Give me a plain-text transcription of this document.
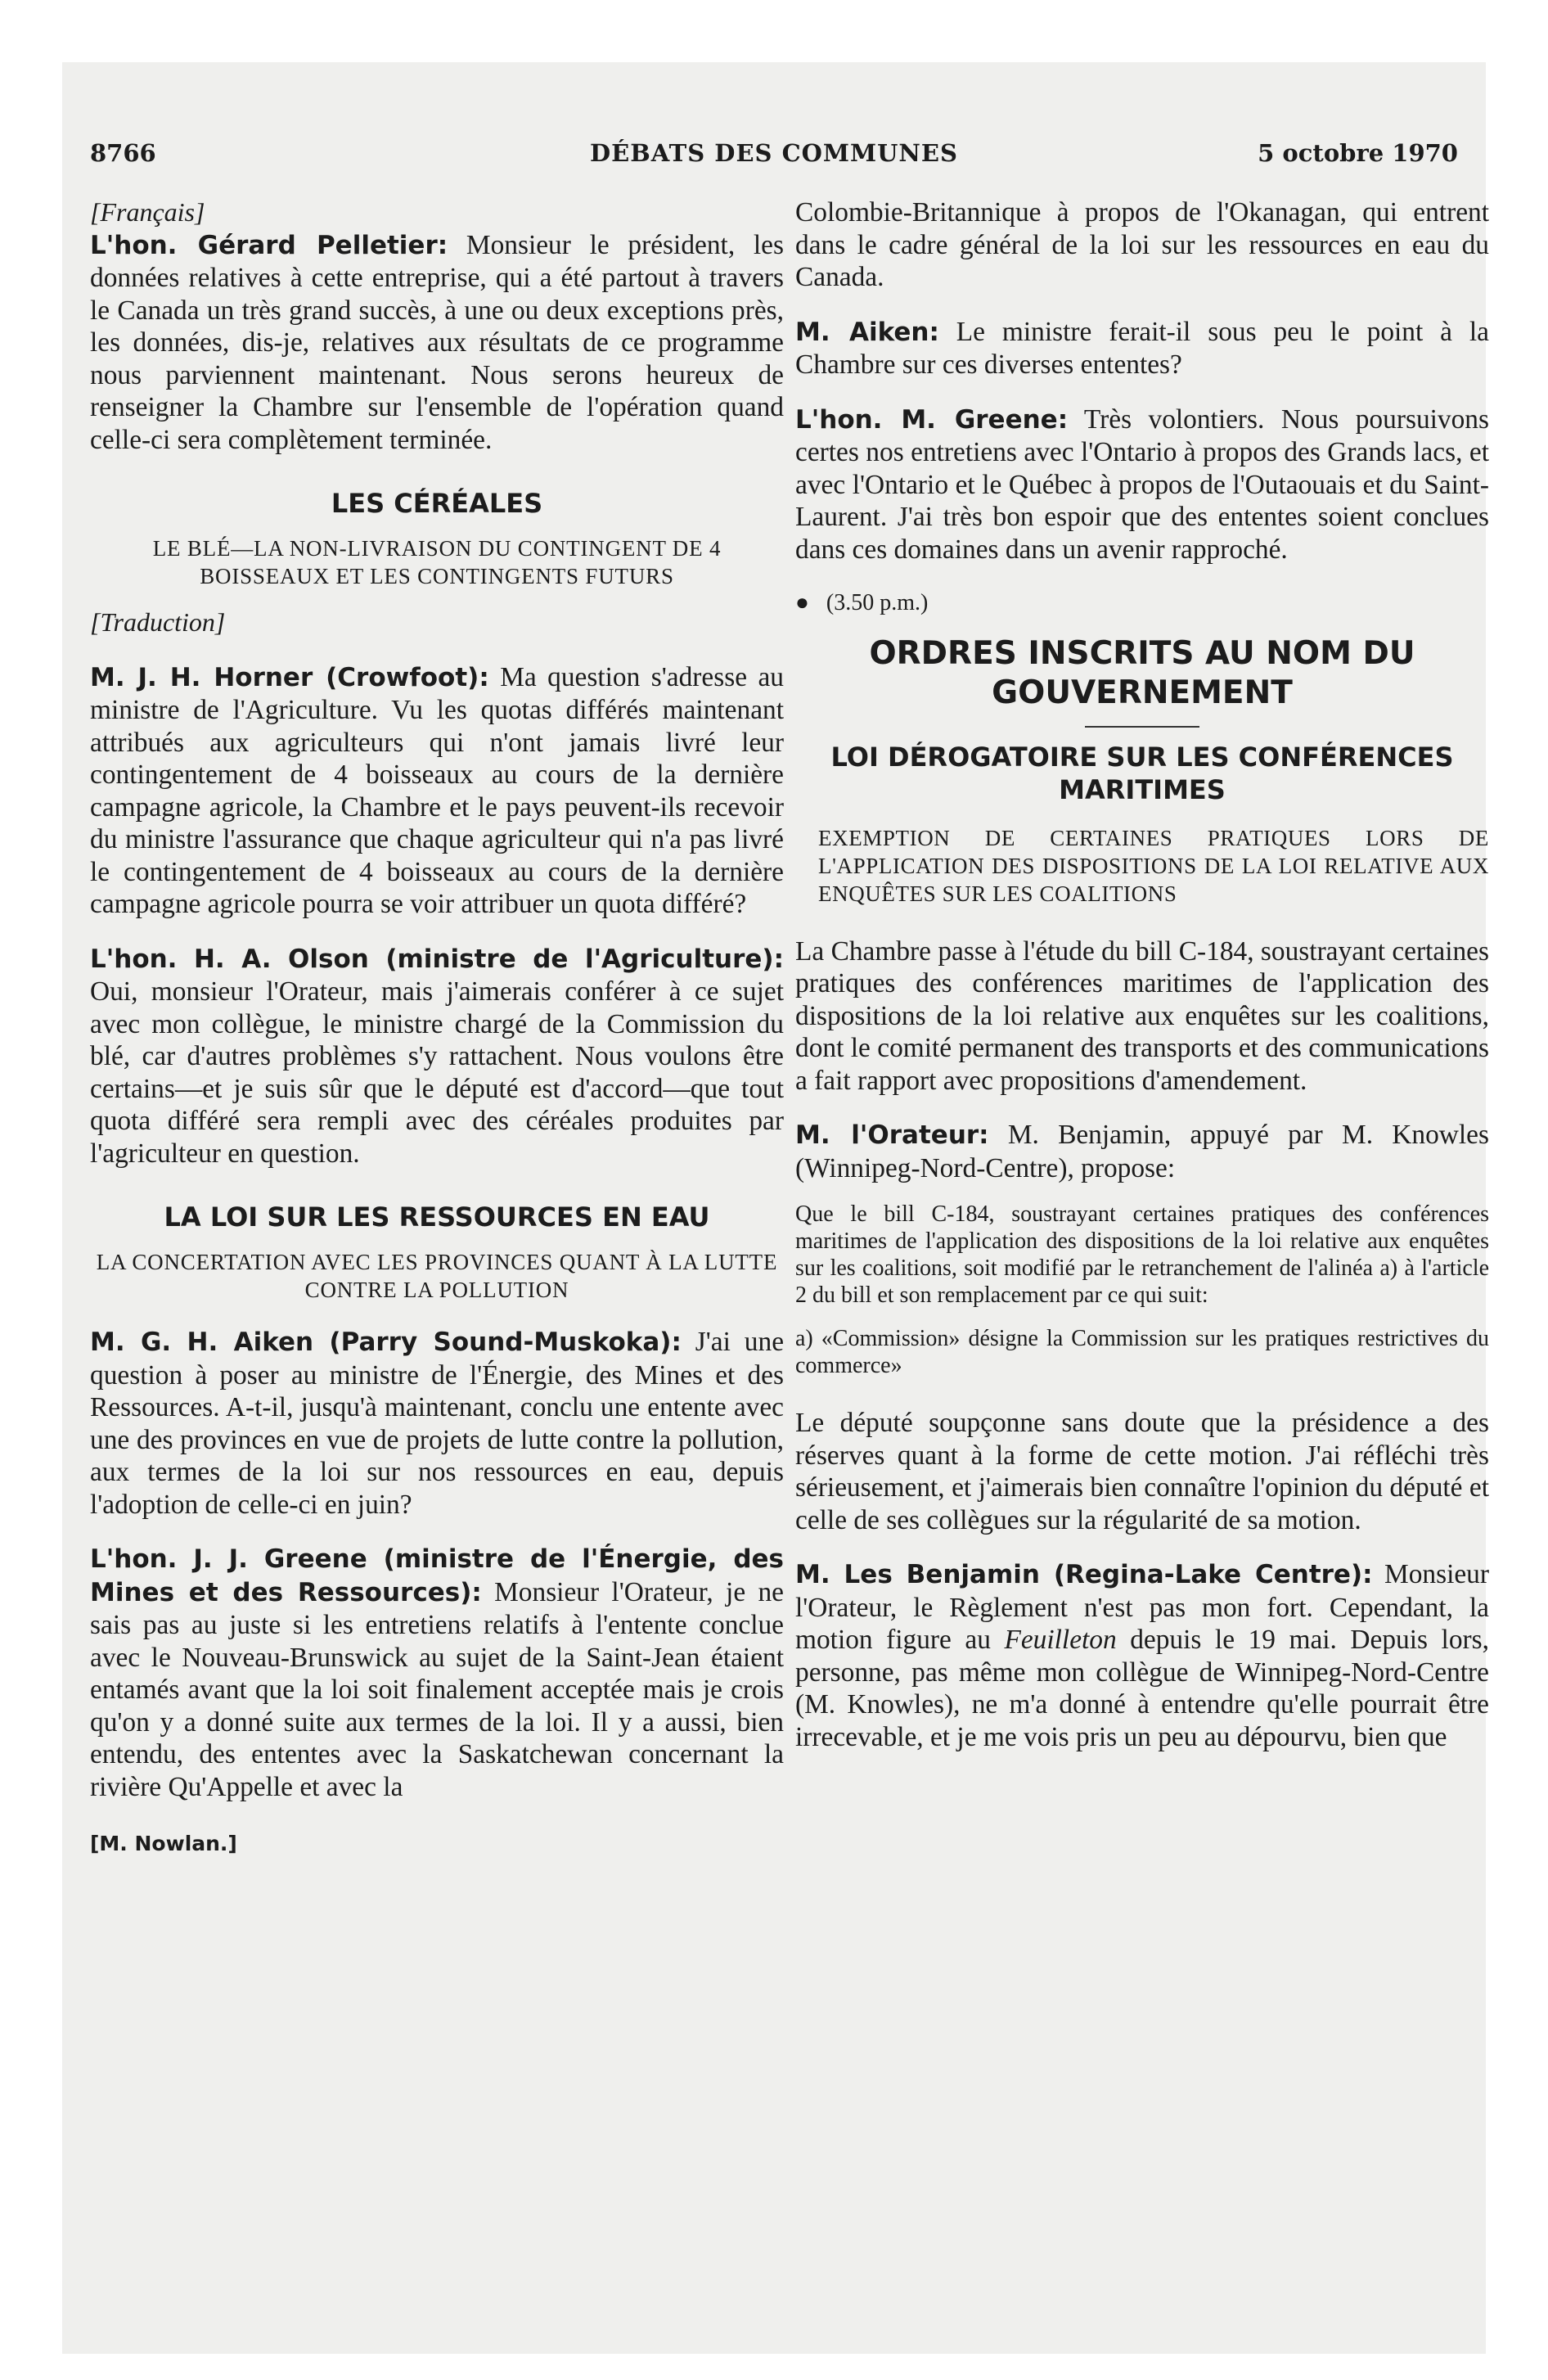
8766	DÉBATS DES COMMUNES	5 octobre 1970

[Français]

L'hon. Gérard Pelletier: Monsieur le président, les données relatives à cette entreprise, qui a été partout à travers le Canada un très grand succès, à une ou deux exceptions près, les données, dis-je, relatives aux résultats de ce programme nous parviennent maintenant. Nous serons heureux de renseigner la Chambre sur l'ensemble de l'opération quand celle-ci sera complètement terminée.

LES CÉRÉALES
LE BLÉ—LA NON-LIVRAISON DU CONTINGENT DE 4 BOISSEAUX ET LES CONTINGENTS FUTURS

[Traduction]

M. J. H. Horner (Crowfoot): Ma question s'adresse au ministre de l'Agriculture. Vu les quotas différés maintenant attribués aux agriculteurs qui n'ont jamais livré leur contingentement de 4 boisseaux au cours de la dernière campagne agricole, la Chambre et le pays peuvent-ils recevoir du ministre l'assurance que chaque agriculteur qui n'a pas livré le contingentement de 4 boisseaux au cours de la dernière campagne agricole pourra se voir attribuer un quota différé?

L'hon. H. A. Olson (ministre de l'Agriculture): Oui, monsieur l'Orateur, mais j'aimerais conférer à ce sujet avec mon collègue, le ministre chargé de la Commission du blé, car d'autres problèmes s'y rattachent. Nous voulons être certains—et je suis sûr que le député est d'accord—que tout quota différé sera rempli avec des céréales produites par l'agriculteur en question.

LA LOI SUR LES RESSOURCES EN EAU
LA CONCERTATION AVEC LES PROVINCES QUANT À LA LUTTE CONTRE LA POLLUTION

M. G. H. Aiken (Parry Sound-Muskoka): J'ai une question à poser au ministre de l'Énergie, des Mines et des Ressources. A-t-il, jusqu'à maintenant, conclu une entente avec une des provinces en vue de projets de lutte contre la pollution, aux termes de la loi sur nos ressources en eau, depuis l'adoption de celle-ci en juin?

L'hon. J. J. Greene (ministre de l'Énergie, des Mines et des Ressources): Monsieur l'Orateur, je ne sais pas au juste si les entretiens relatifs à l'entente conclue avec le Nouveau-Brunswick au sujet de la Saint-Jean étaient entamés avant que la loi soit finalement acceptée mais je crois qu'on y a donné suite aux termes de la loi. Il y a aussi, bien entendu, des ententes avec la Saskatchewan concernant la rivière Qu'Appelle et avec la

[M. Nowlan.]

Colombie-Britannique à propos de l'Okanagan, qui entrent dans le cadre général de la loi sur les ressources en eau du Canada.

M. Aiken: Le ministre ferait-il sous peu le point à la Chambre sur ces diverses ententes?

L'hon. M. Greene: Très volontiers. Nous poursuivons certes nos entretiens avec l'Ontario à propos des Grands lacs, et avec l'Ontario et le Québec à propos de l'Outaouais et du Saint-Laurent. J'ai très bon espoir que des ententes soient conclues dans ces domaines dans un avenir rapproché.

● (3.50 p.m.)
ORDRES INSCRITS AU NOM DU GOUVERNEMENT
LOI DÉROGATOIRE SUR LES CONFÉRENCES MARITIMES
EXEMPTION DE CERTAINES PRATIQUES LORS DE L'APPLICATION DES DISPOSITIONS DE LA LOI RELATIVE AUX ENQUÊTES SUR LES COALITIONS

La Chambre passe à l'étude du bill C-184, soustrayant certaines pratiques des conférences maritimes de l'application des dispositions de la loi relative aux enquêtes sur les coalitions, dont le comité permanent des transports et des communications a fait rapport avec propositions d'amendement.

M. l'Orateur: M. Benjamin, appuyé par M. Knowles (Winnipeg-Nord-Centre), propose:

Que le bill C-184, soustrayant certaines pratiques des conférences maritimes de l'application des dispositions de la loi relative aux enquêtes sur les coalitions, soit modifié par le retranchement de l'alinéa a) à l'article 2 du bill et son remplacement par ce qui suit:

a) «Commission» désigne la Commission sur les pratiques restrictives du commerce»

Le député soupçonne sans doute que la présidence a des réserves quant à la forme de cette motion. J'ai réfléchi très sérieusement, et j'aimerais bien connaître l'opinion du député et celle de ses collègues sur la régularité de sa motion.

M. Les Benjamin (Regina-Lake Centre): Monsieur l'Orateur, le Règlement n'est pas mon fort. Cependant, la motion figure au Feuilleton depuis le 19 mai. Depuis lors, personne, pas même mon collègue de Winnipeg-Nord-Centre (M. Knowles), ne m'a donné à entendre qu'elle pourrait être irrecevable, et je me vois pris un peu au dépourvu, bien que
